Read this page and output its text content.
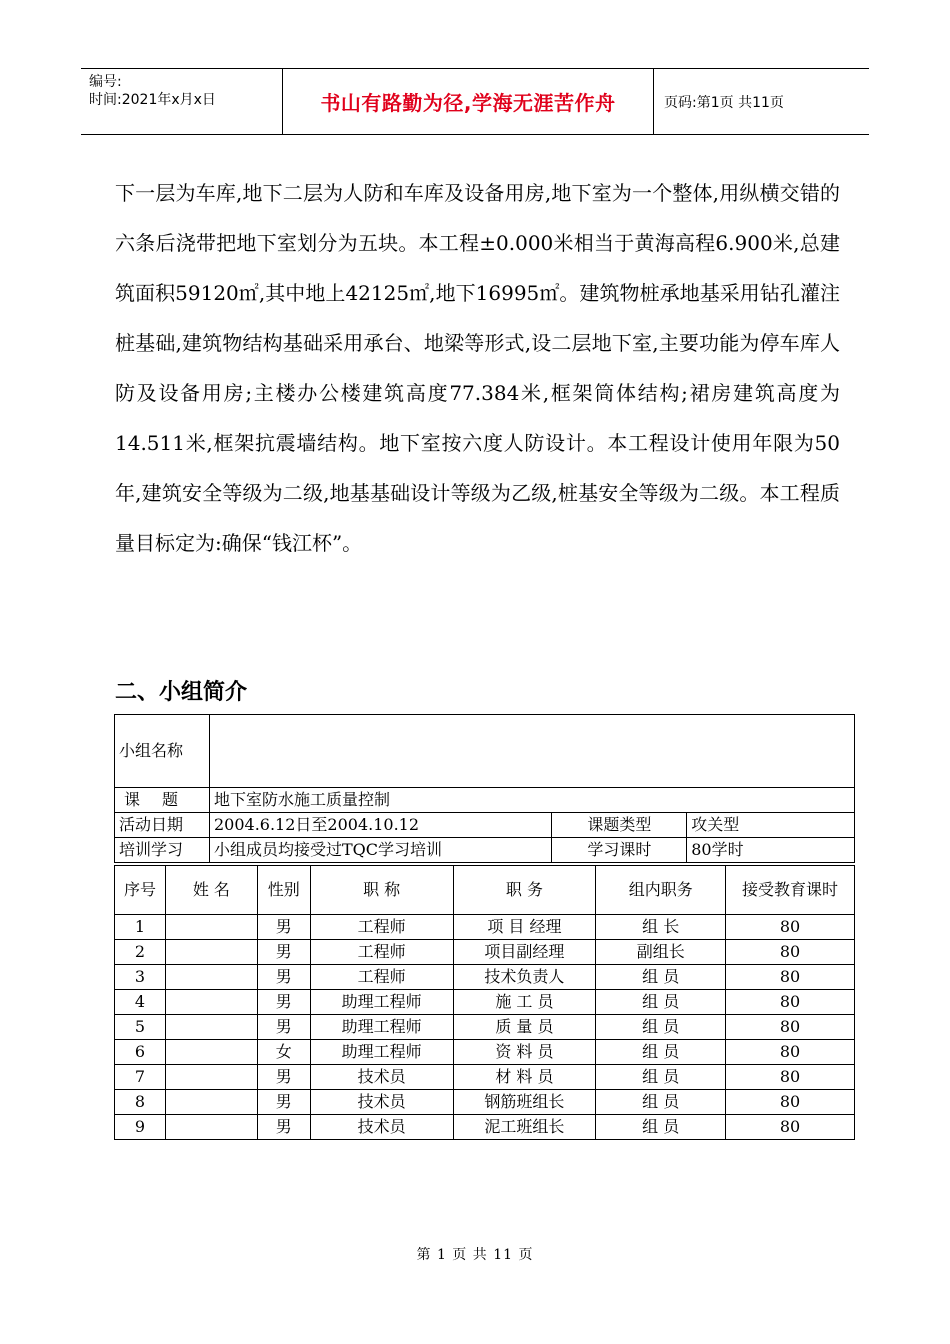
编号:
时间:2021年x月x日	书山有路勤为径,学海无涯苦作舟	页码:第1页 共11页

下一层为车库,地下二层为人防和车库及设备用房,地下室为一个整体,用纵横交错的六条后浇带把地下室划分为五块。本工程±0.000米相当于黄海高程6.900米,总建筑面积59120㎡,其中地上42125㎡,地下16995㎡。建筑物桩承地基采用钻孔灌注桩基础,建筑物结构基础采用承台、地梁等形式,设二层地下室,主要功能为停车库人防及设备用房;主楼办公楼建筑高度77.384米,框架筒体结构;裙房建筑高度为14.511米,框架抗震墙结构。地下室按六度人防设计。本工程设计使用年限为50年,建筑安全等级为二级,地基基础设计等级为乙级,桩基安全等级为二级。本工程质量目标定为:确保“钱江杯”。

二、小组简介
小组名称			
课题	地下室防水施工质量控制		
活动日期	2004.6.12日至2004.10.12	课题类型	攻关型
培训学习	小组成员均接受过TQC学习培训	学习课时	80学时
序号	姓 名	性别	职 称	职 务	组内职务	接受教育课时
1		男	工程师	项 目 经理	组 长	80
2		男	工程师	项目副经理	副组长	80
3		男	工程师	技术负责人	组 员	80
4		男	助理工程师	施 工 员	组 员	80
5		男	助理工程师	质 量 员	组 员	80
6		女	助理工程师	资 料 员	组 员	80
7		男	技术员	材 料 员	组 员	80
8		男	技术员	钢筋班组长	组 员	80
9		男	技术员	泥工班组长	组 员	80
第 1 页 共 11 页
